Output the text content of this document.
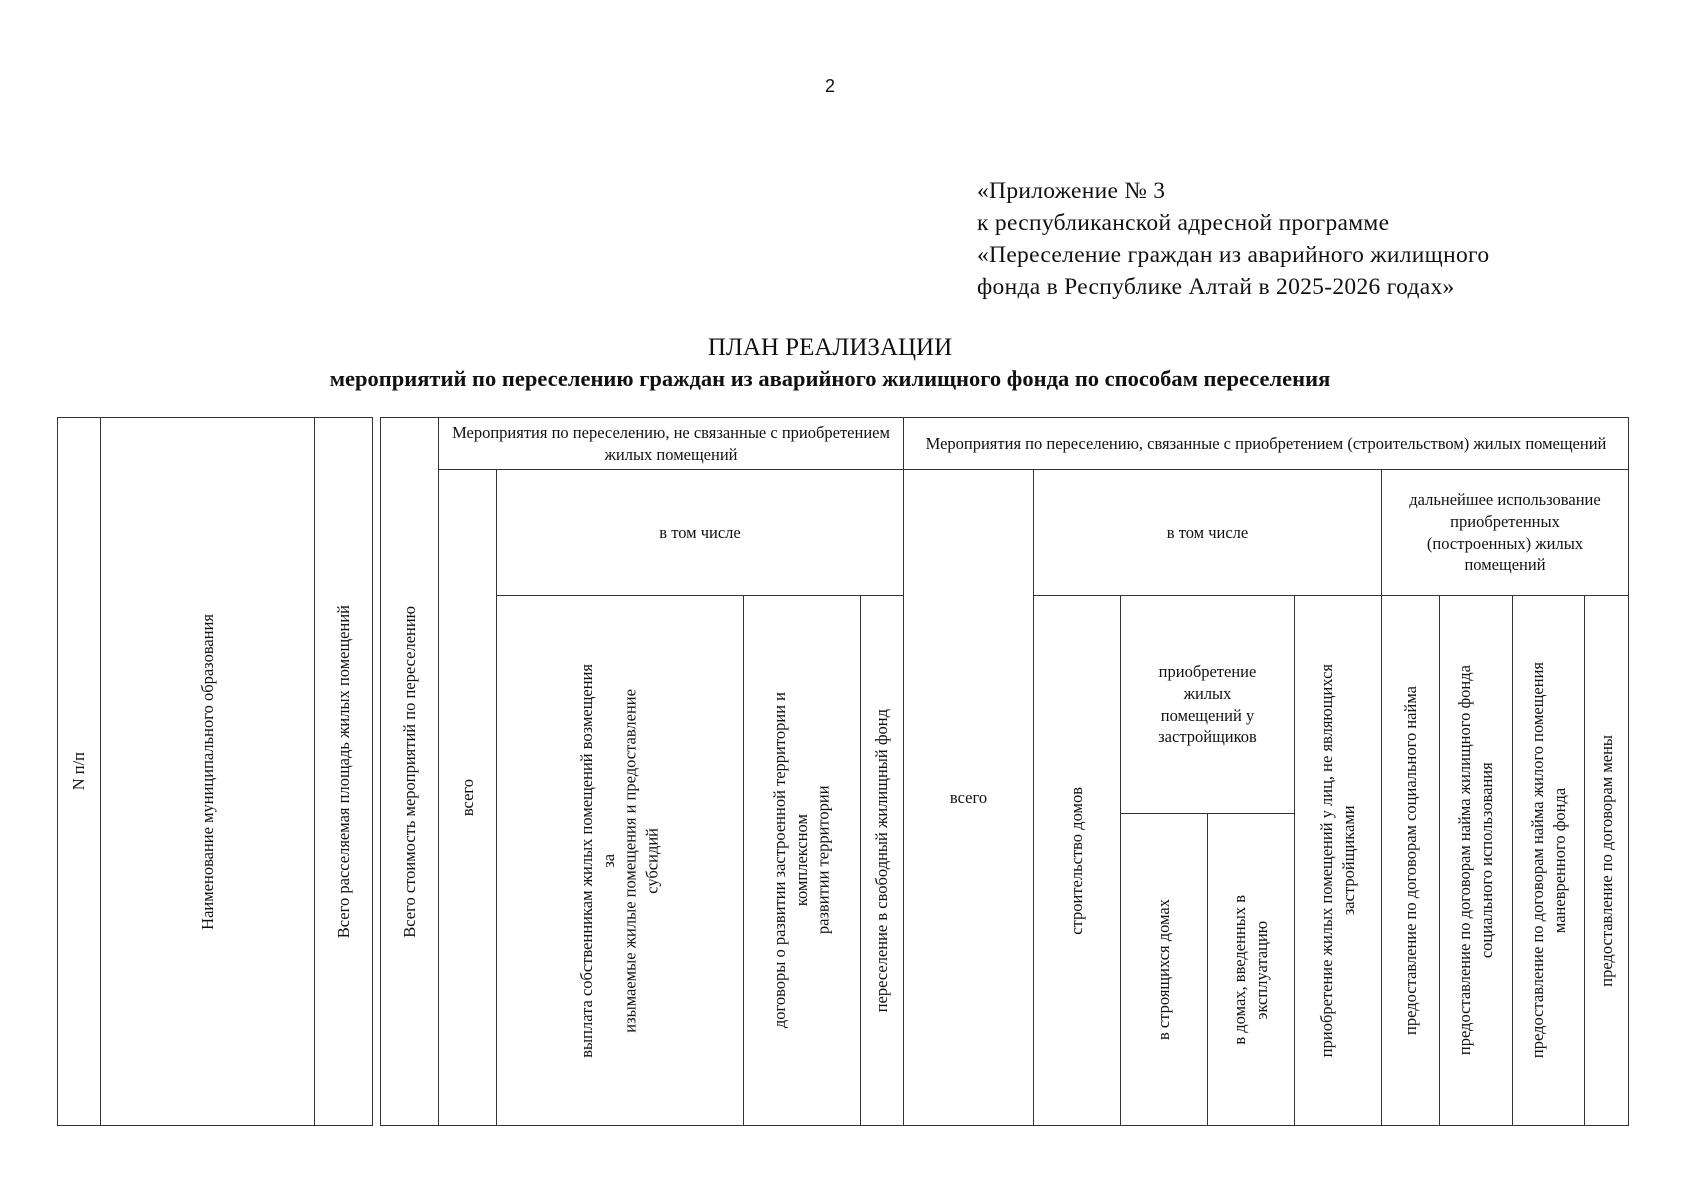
2
«Приложение № 3
к республиканской адресной программе
«Переселение граждан из аварийного жилищного
фонда в Республике Алтай в 2025-2026 годах»
ПЛАН РЕАЛИЗАЦИИ
мероприятий по переселению граждан из аварийного жилищного фонда по способам переселения
N п/п	Наименование муниципального образования	Всего расселяемая площадь жилых помещений		Всего стоимость мероприятий по переселению	Мероприятия по переселению, не связанные с приобретением жилых помещений				Мероприятия по переселению, связанные с приобретением (строительством) жилых помещений								

					всего	в том числе			всего	в том числе				дальнейшее использование приобретенных (построенных) жилых помещений			

						выплата собственникам жилых помещений возмещения
за
изымаемые жилые помещения и предоставление
субсидий	договоры о развитии застроенной территории и
комплексном
развитии территории	переселение в свободный жилищный фонд		строительство домов	приобретение жилых помещений у застройщиков		приобретение жилых помещений у лиц, не являющихся
застройщиками	предоставление по договорам социального найма	предоставление по договорам найма жилищного фонда
социального использования	предоставление по договорам найма жилого помещения
маневренного фонда	предоставление по договорам мены

											в строящихся домах	в домах, введенных в
эксплуатацию					
